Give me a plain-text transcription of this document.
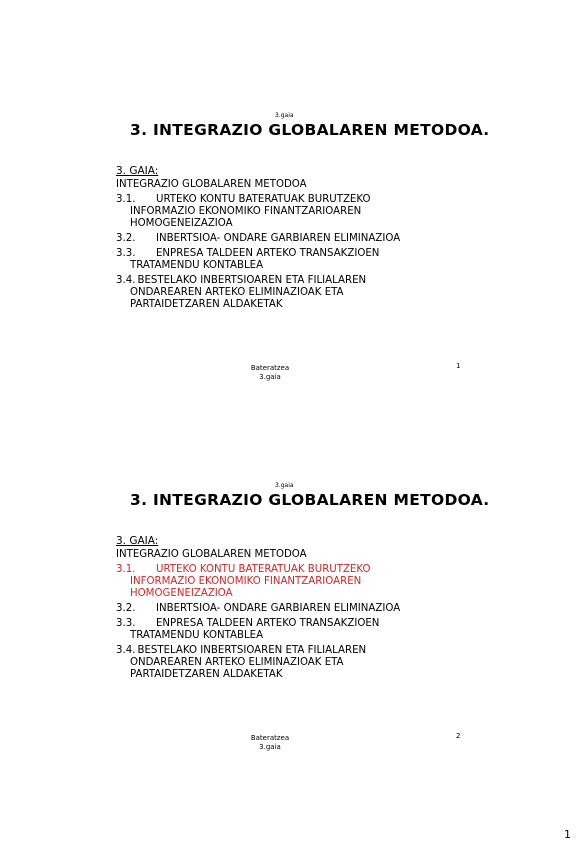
3.gaia
3. INTEGRAZIO GLOBALAREN METODOA.
3. GAIA:
INTEGRAZIO GLOBALAREN METODOA
3.1.	URTEKO KONTU BATERATUAK BURUTZEKO
INFORMAZIO EKONOMIKO FINANTZARIOAREN
HOMOGENEIZAZIOA
3.2.	INBERTSIOA- ONDARE GARBIAREN ELIMINAZIOA
3.3.	ENPRESA TALDEEN ARTEKO TRANSAKZIOEN
TRATAMENDU KONTABLEA
3.4. BESTELAKO INBERTSIOAREN ETA FILIALAREN
ONDAREAREN ARTEKO ELIMINAZIOAK ETA
PARTAIDETZAREN ALDAKETAK
Bateratzea
3.gaia
1
3.gaia
3. INTEGRAZIO GLOBALAREN METODOA.
3. GAIA:
INTEGRAZIO GLOBALAREN METODOA
3.1.	URTEKO KONTU BATERATUAK BURUTZEKO
INFORMAZIO EKONOMIKO FINANTZARIOAREN
HOMOGENEIZAZIOA
3.2.	INBERTSIOA- ONDARE GARBIAREN ELIMINAZIOA
3.3.	ENPRESA TALDEEN ARTEKO TRANSAKZIOEN
TRATAMENDU KONTABLEA
3.4. BESTELAKO INBERTSIOAREN ETA FILIALAREN
ONDAREAREN ARTEKO ELIMINAZIOAK ETA
PARTAIDETZAREN ALDAKETAK
Bateratzea
3.gaia
2
1
